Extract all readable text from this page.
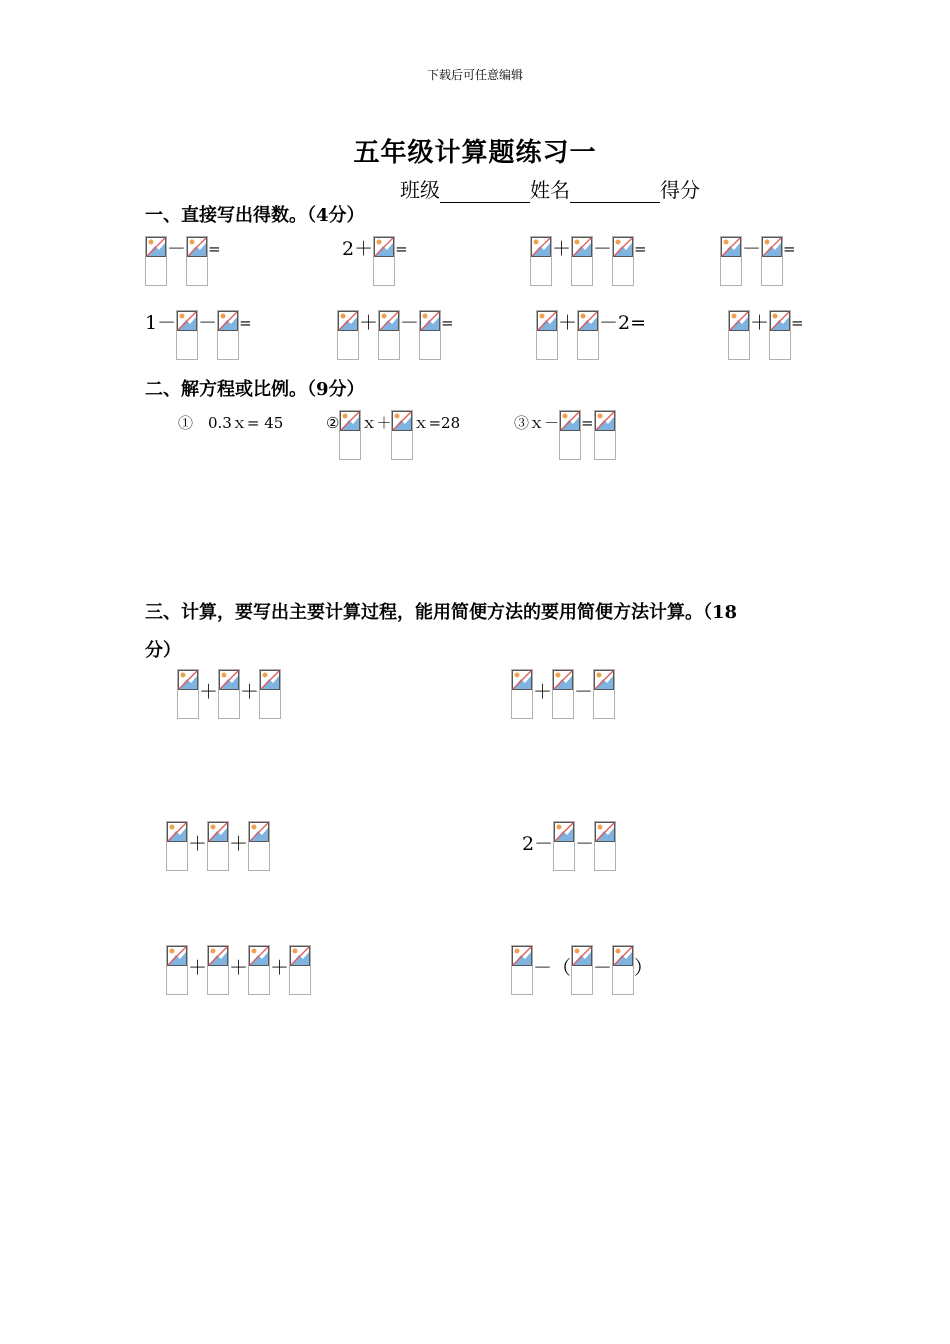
下载后可任意编辑
五年级计算题练习一
班级	姓名	得分
一、直接写出得数。（4分）
－ =	2＋ =	＋ － =	－ =
1－ － =	＋ － =	＋ －2=	＋ =
二、解方程或比例。（9分）
①　0.3ｘ= 45	② ｘ＋ ｘ=28	③ｘ－ =
三、计算，要写出主要计算过程，能用简便方法的要用简便方法计算。（18
分）
＋ ＋	＋ －
＋ ＋	2－ －
＋ ＋ ＋	－（ － ）
